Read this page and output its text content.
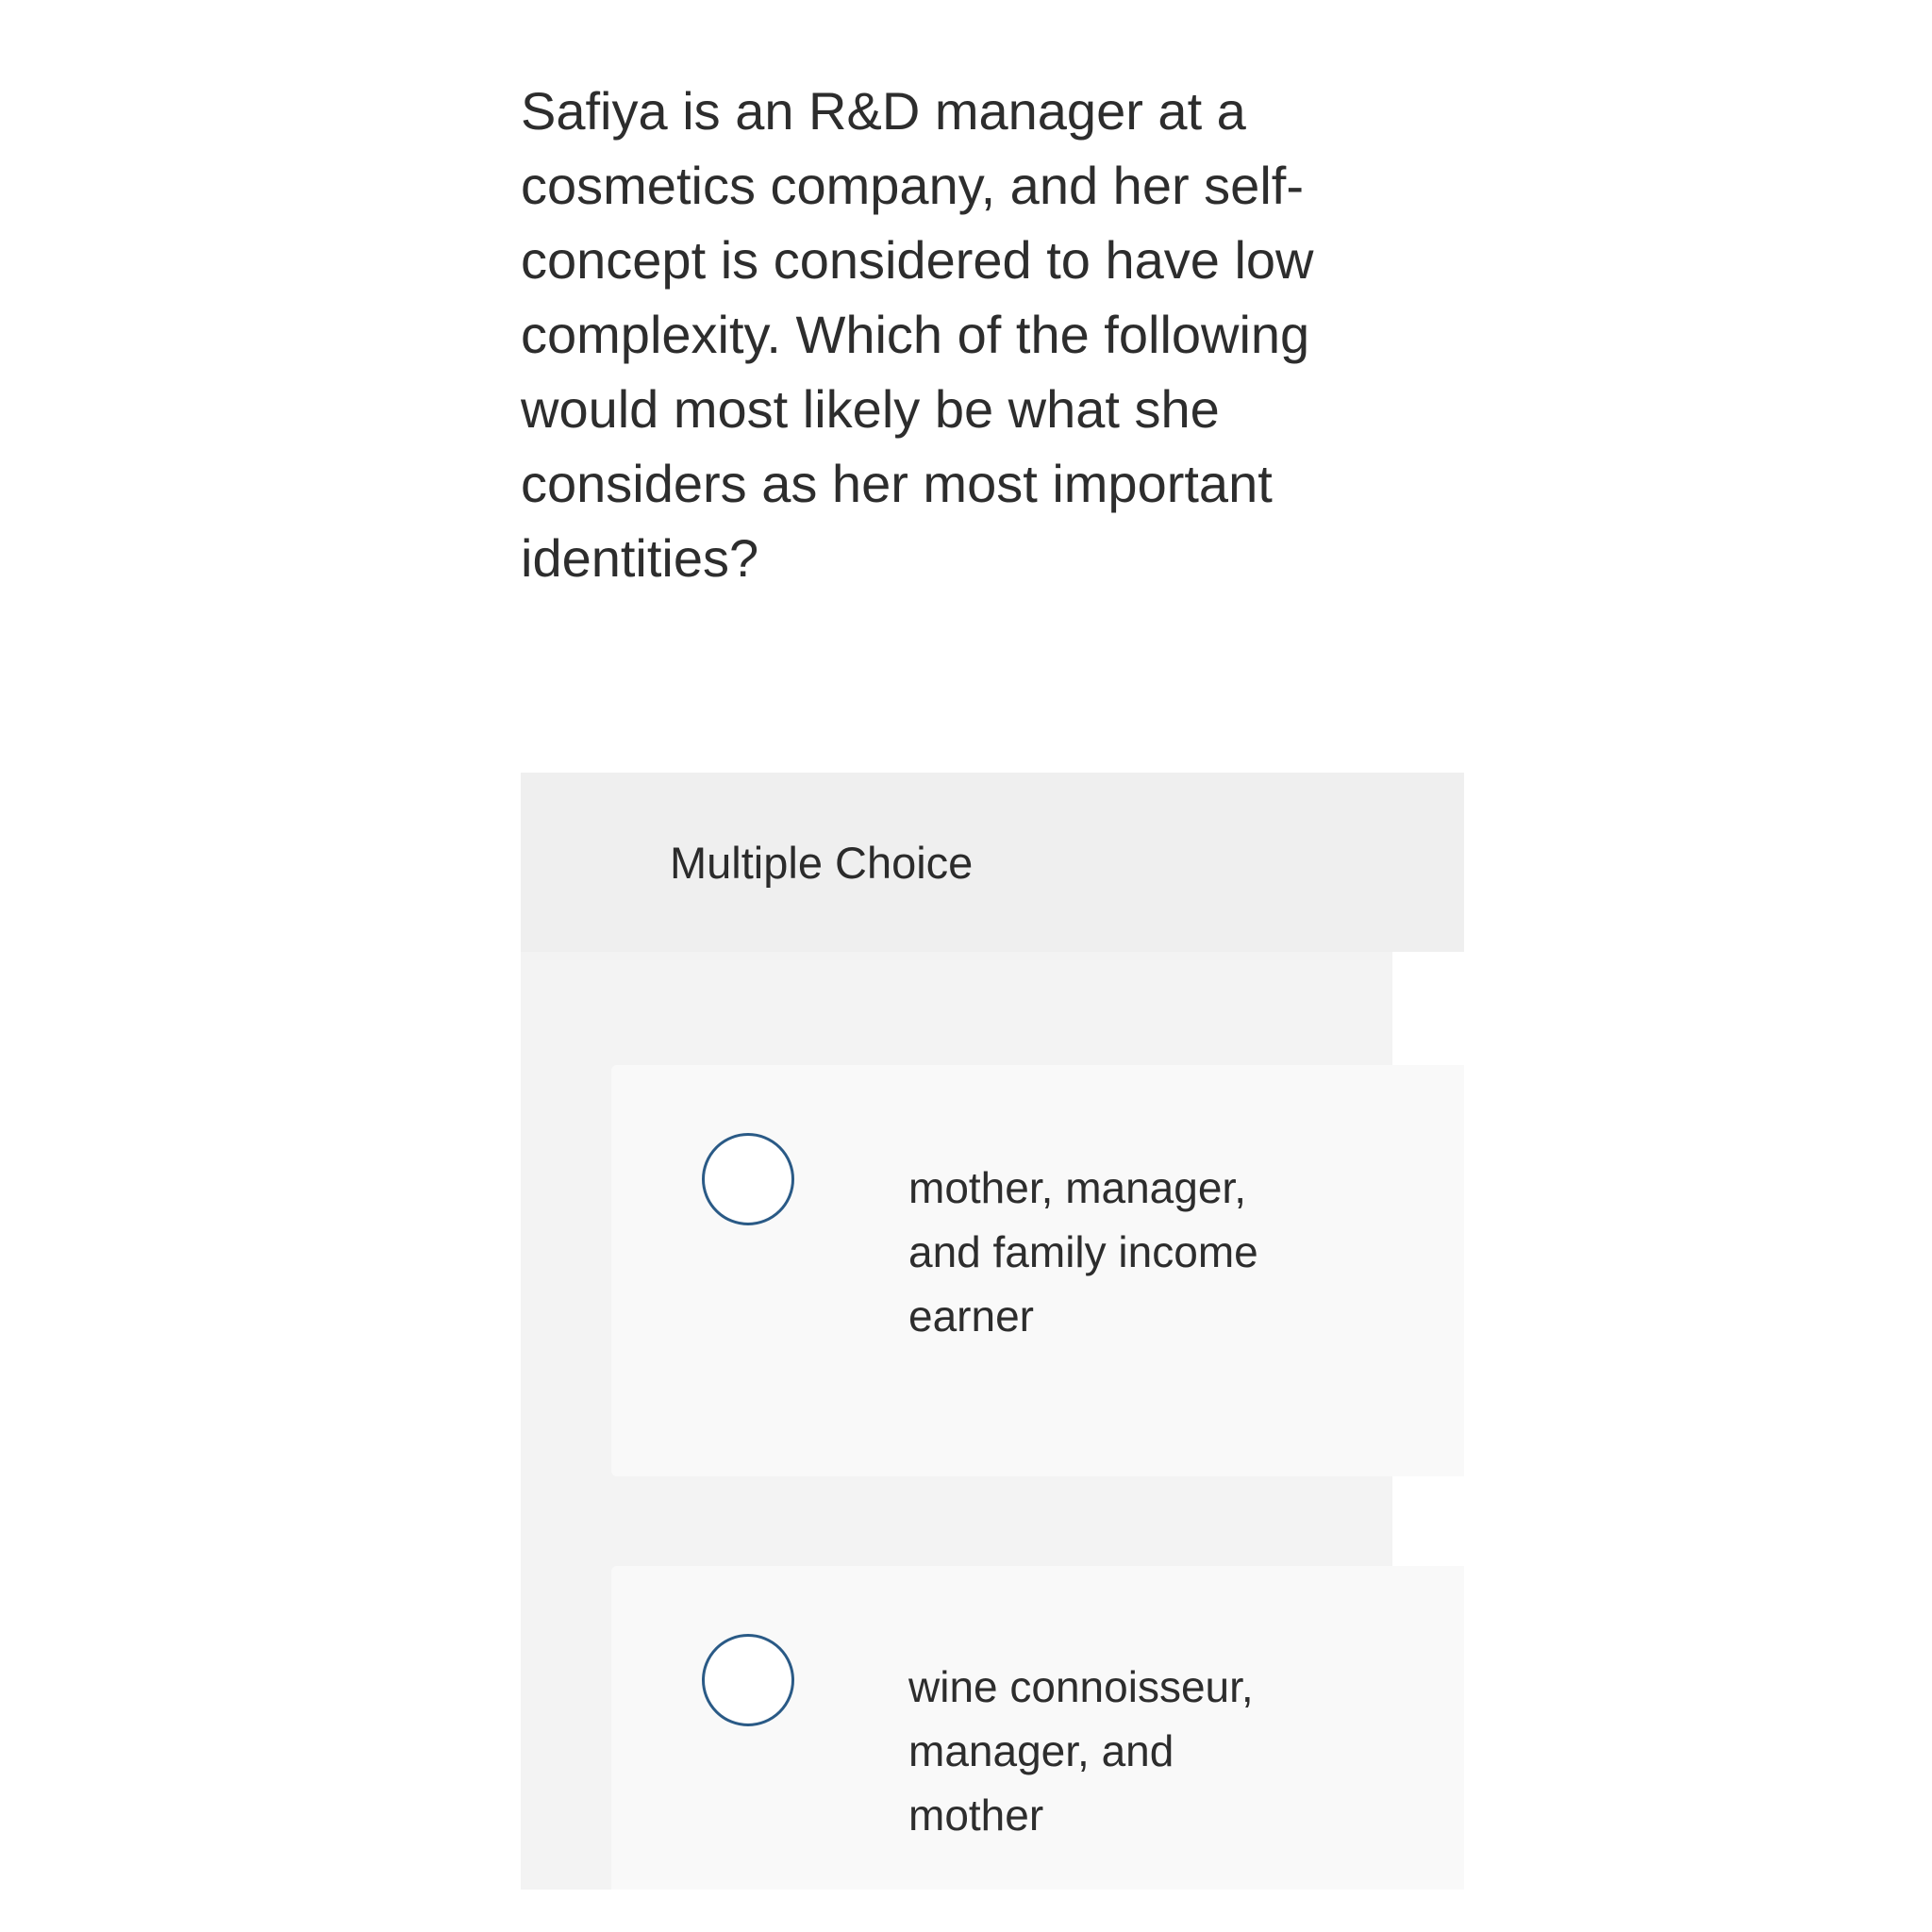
Safiya is an R&D manager at a cosmetics company, and her self-concept is considered to have low complexity. Which of the following would most likely be what she considers as her most important identities?

Multiple Choice
mother, manager, and family income earner
wine connoisseur, manager, and mother
